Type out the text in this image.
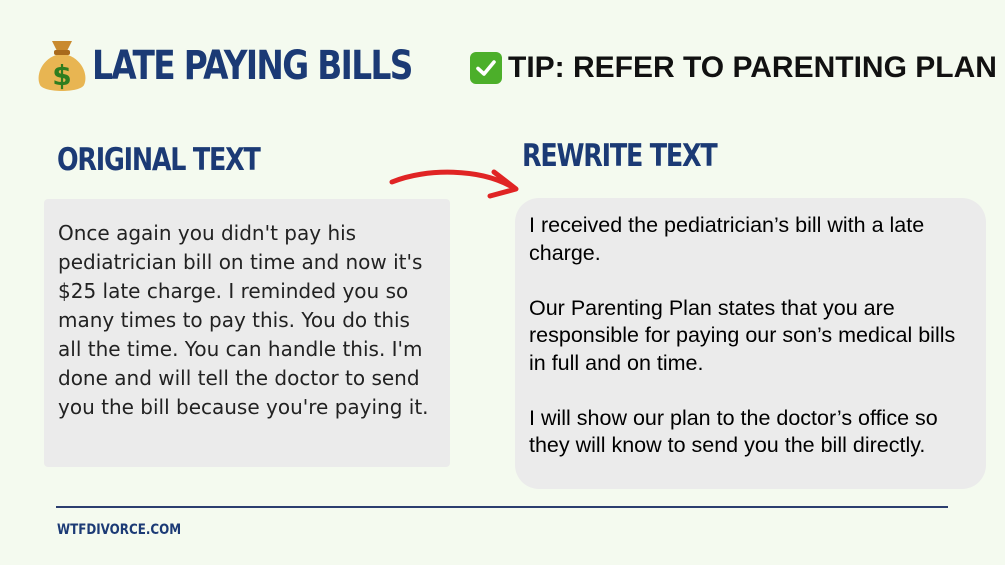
$ LATE PAYING BILLS	TIP: REFER TO PARENTING PLAN
ORIGINAL TEXT	REWRITE TEXT
Once again you didn't pay his pediatrician bill on time and now it's $25 late charge. I reminded you so many times to pay this. You do this all the time. You can handle this. I'm done and will tell the doctor to send you the bill because you're paying it.

I received the pediatrician’s bill with a late charge.

Our Parenting Plan states that you are responsible for paying our son’s medical bills in full and on time.

I will show our plan to the doctor’s office so they will know to send you the bill directly.

WTFDIVORCE.COM
